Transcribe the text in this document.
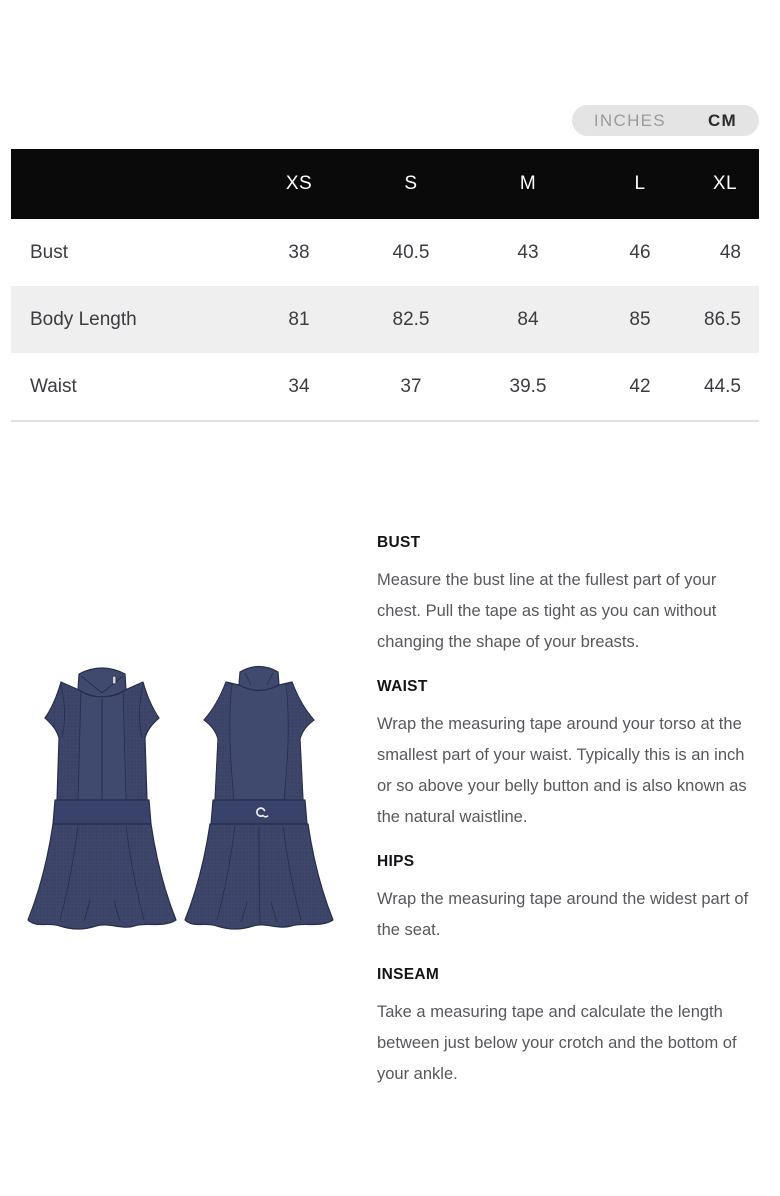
INCHES CM
	XS	S	M	L	XL
Bust	38	40.5	43	46	48
Body Length	81	82.5	84	85	86.5
Waist	34	37	39.5	42	44.5
BUST

Measure the bust line at the fullest part of your chest. Pull the tape as tight as you can without changing the shape of your breasts.

WAIST

Wrap the measuring tape around your torso at the smallest part of your waist. Typically this is an inch or so above your belly button and is also known as the natural waistline.

HIPS

Wrap the measuring tape around the widest part of the seat.

INSEAM

Take a measuring tape and calculate the length between just below your crotch and the bottom of your ankle.
